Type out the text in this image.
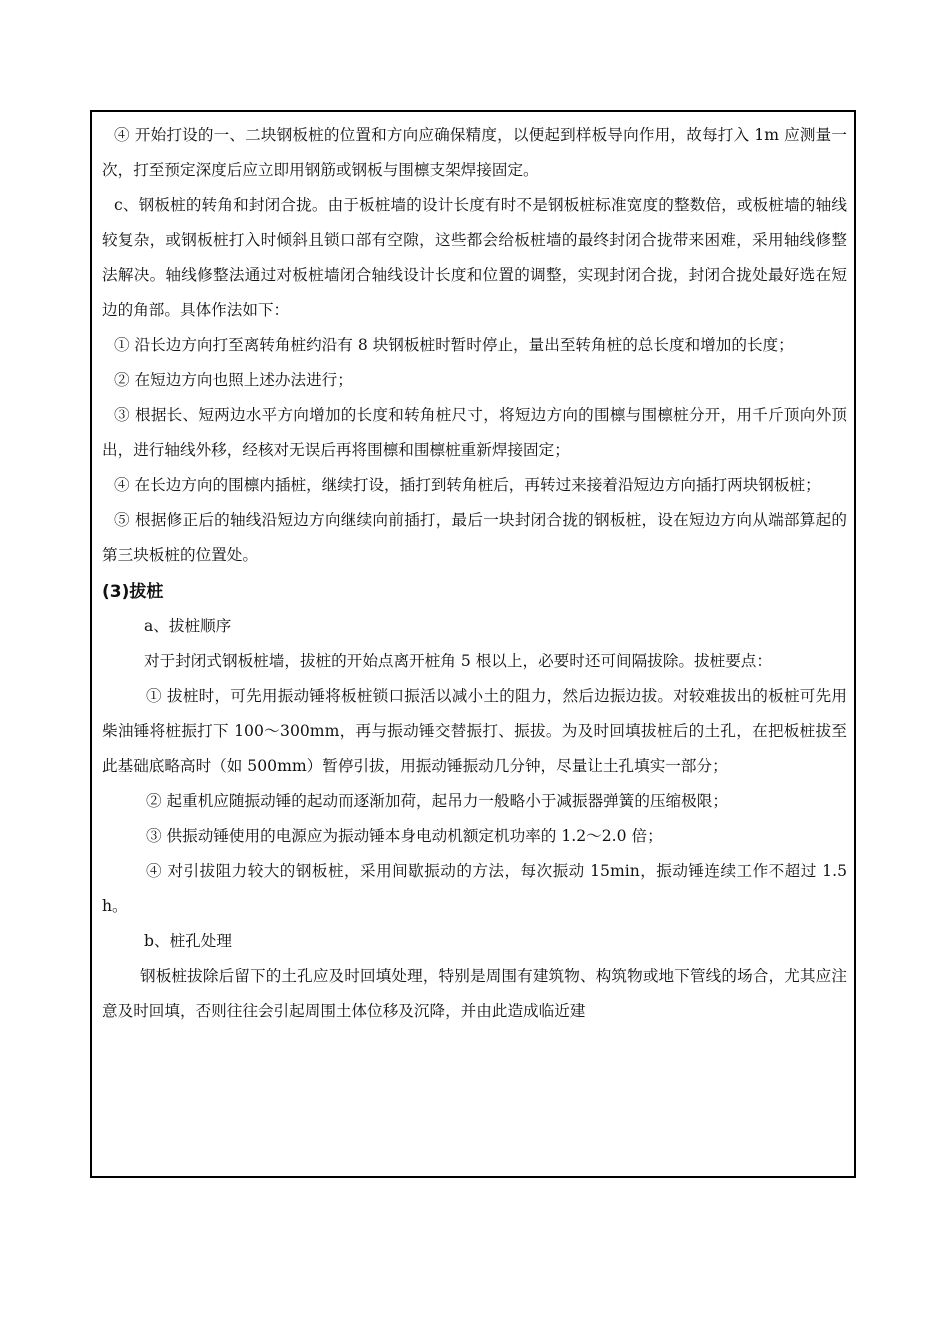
④ 开始打设的一、二块钢板桩的位置和方向应确保精度，以便起到样板导向作用，故每打入 1m 应测量一次，打至预定深度后应立即用钢筋或钢板与围檩支架焊接固定。

c、钢板桩的转角和封闭合拢。由于板桩墙的设计长度有时不是钢板桩标准宽度的整数倍，或板桩墙的轴线较复杂，或钢板桩打入时倾斜且锁口部有空隙，这些都会给板桩墙的最终封闭合拢带来困难，采用轴线修整法解决。轴线修整法通过对板桩墙闭合轴线设计长度和位置的调整，实现封闭合拢，封闭合拢处最好选在短边的角部。具体作法如下：

① 沿长边方向打至离转角桩约沿有 8 块钢板桩时暂时停止，量出至转角桩的总长度和增加的长度；

② 在短边方向也照上述办法进行；

③ 根据长、短两边水平方向增加的长度和转角桩尺寸，将短边方向的围檩与围檩桩分开，用千斤顶向外顶出，进行轴线外移，经核对无误后再将围檩和围檩桩重新焊接固定；

④ 在长边方向的围檩内插桩，继续打设，插打到转角桩后，再转过来接着沿短边方向插打两块钢板桩；

⑤ 根据修正后的轴线沿短边方向继续向前插打，最后一块封闭合拢的钢板桩，设在短边方向从端部算起的第三块板桩的位置处。

(3)拔桩

a、拔桩顺序

对于封闭式钢板桩墙，拔桩的开始点离开桩角 5 根以上，必要时还可间隔拔除。拔桩要点：

① 拔桩时，可先用振动锤将板桩锁口振活以减小土的阻力，然后边振边拔。对较难拔出的板桩可先用柴油锤将桩振打下 100～300mm，再与振动锤交替振打、振拔。为及时回填拔桩后的土孔，在把板桩拔至此基础底略高时（如 500mm）暂停引拔，用振动锤振动几分钟，尽量让土孔填实一部分；

② 起重机应随振动锤的起动而逐渐加荷，起吊力一般略小于减振器弹簧的压缩极限；

③ 供振动锤使用的电源应为振动锤本身电动机额定机功率的 1.2～2.0 倍；

④ 对引拔阻力较大的钢板桩，采用间歇振动的方法，每次振动 15min，振动锤连续工作不超过 1.5h。

b、桩孔处理

钢板桩拔除后留下的土孔应及时回填处理，特别是周围有建筑物、构筑物或地下管线的场合，尤其应注意及时回填，否则往往会引起周围土体位移及沉降，并由此造成临近建
